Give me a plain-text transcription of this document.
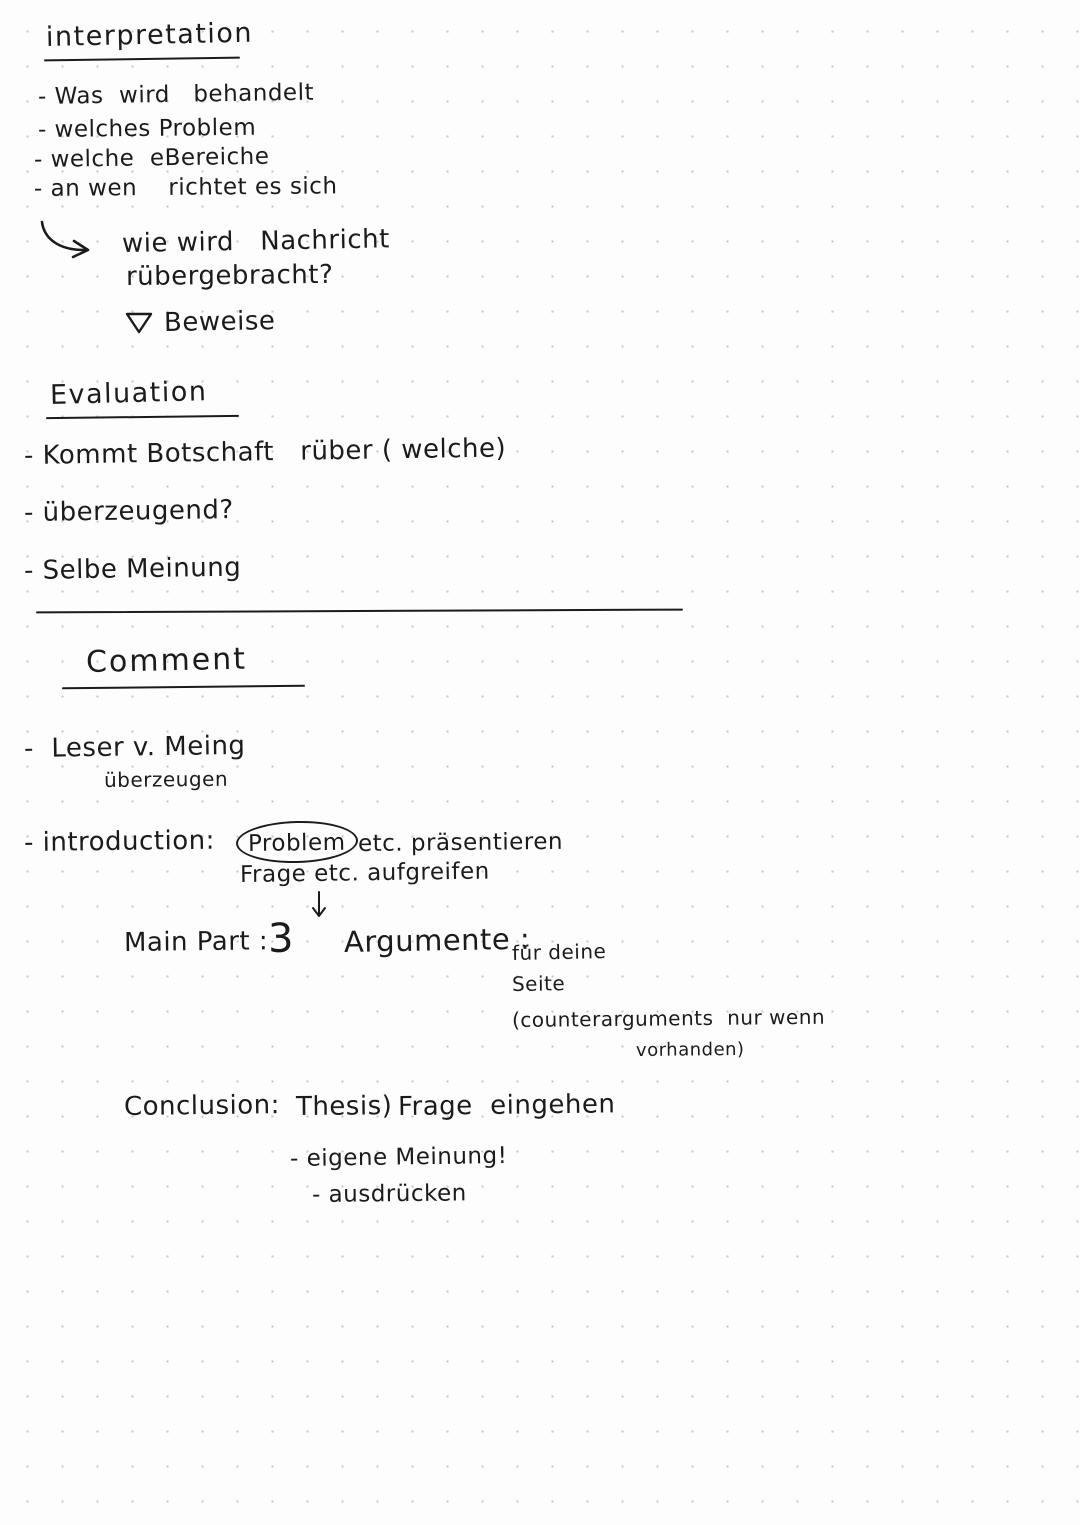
interpretation
- Was  wird   behandelt
- welches Problem
- welche  eBereiche
- an wen    richtet es sich
wie wird   Nachricht
rübergebracht?
Beweise
Evaluation
- Kommt Botschaft   rüber ( welche)
- überzeugend?
- Selbe Meinung
Comment
-  Leser v. Meing
überzeugen
- introduction: Problem etc. präsentieren
Frage etc. aufgreifen
Main Part : 3 Argumente :
für deine
Seite
(counterarguments  nur wenn
vorhanden)
Conclusion: Thesis) Frage  eingehen
- eigene Meinung!
- ausdrücken
